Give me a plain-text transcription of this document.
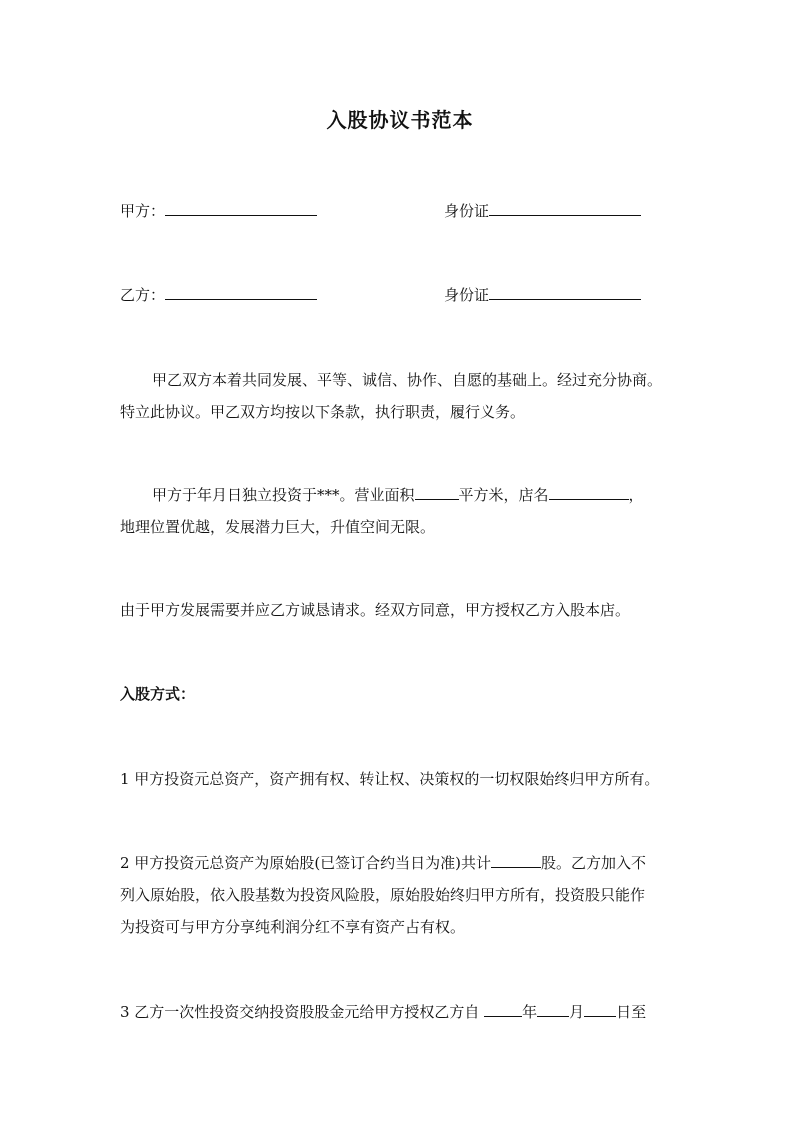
入股协议书范本
甲方：	身份证
乙方：	身份证
甲乙双方本着共同发展、平等、诚信、协作、自愿的基础上。经过充分协商。
特立此协议。甲乙双方均按以下条款，执行职责，履行义务。
甲方于年月日独立投资于***。营业面积	平方米，店名	，
地理位置优越，发展潜力巨大，升值空间无限。
由于甲方发展需要并应乙方诚恳请求。经双方同意，甲方授权乙方入股本店。
入股方式：
1 甲方投资元总资产，资产拥有权、转让权、决策权的一切权限始终归甲方所有。
2 甲方投资元总资产为原始股(已签订合约当日为准)共计	股。乙方加入不
列入原始股，依入股基数为投资风险股，原始股始终归甲方所有，投资股只能作
为投资可与甲方分享纯利润分红不享有资产占有权。
3 乙方一次性投资交纳投资股股金元给甲方授权乙方自	年 月 日至
